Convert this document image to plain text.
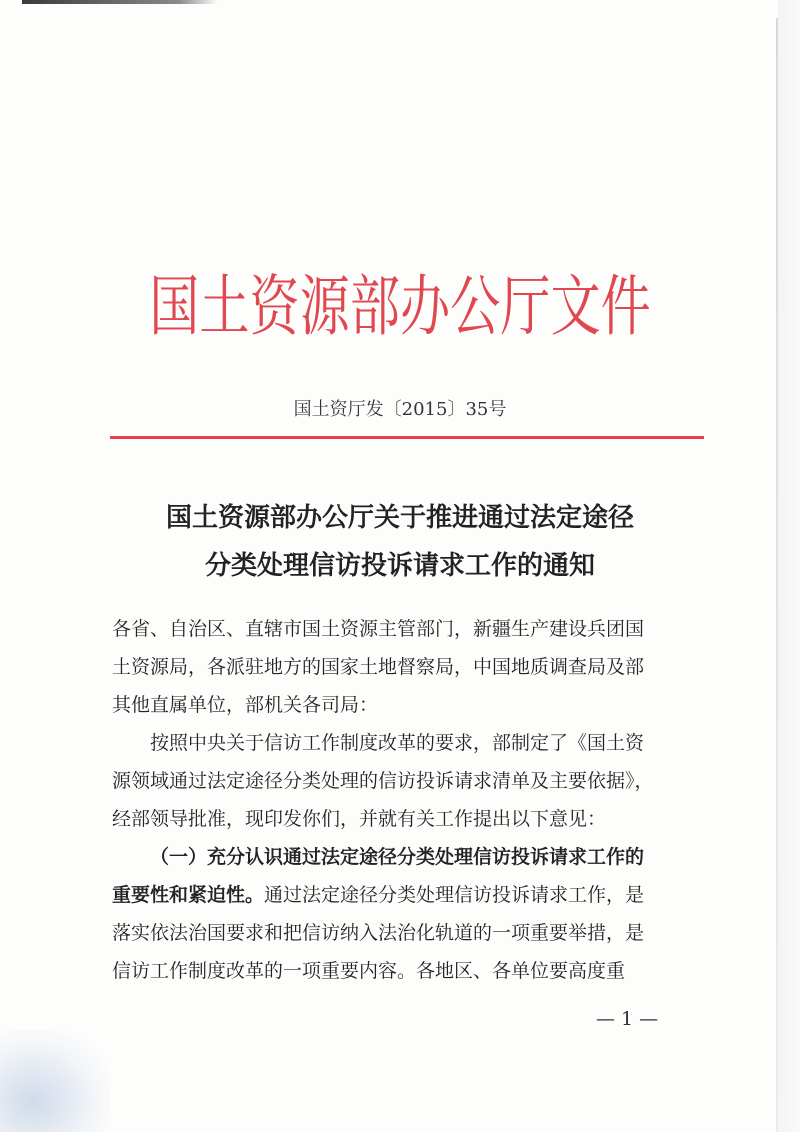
国土资源部办公厅文件
国土资厅发〔2015〕35号
国土资源部办公厅关于推进通过法定途径
分类处理信访投诉请求工作的通知
各省、自治区、直辖市国土资源主管部门，新疆生产建设兵团国
土资源局，各派驻地方的国家土地督察局，中国地质调查局及部
其他直属单位，部机关各司局：
按照中央关于信访工作制度改革的要求，部制定了《国土资
源领域通过法定途径分类处理的信访投诉请求清单及主要依据》，
经部领导批准，现印发你们，并就有关工作提出以下意见：
（一）充分认识通过法定途径分类处理信访投诉请求工作的
重要性和紧迫性。通过法定途径分类处理信访投诉请求工作，是
落实依法治国要求和把信访纳入法治化轨道的一项重要举措，是
信访工作制度改革的一项重要内容。各地区、各单位要高度重
— 1 —
